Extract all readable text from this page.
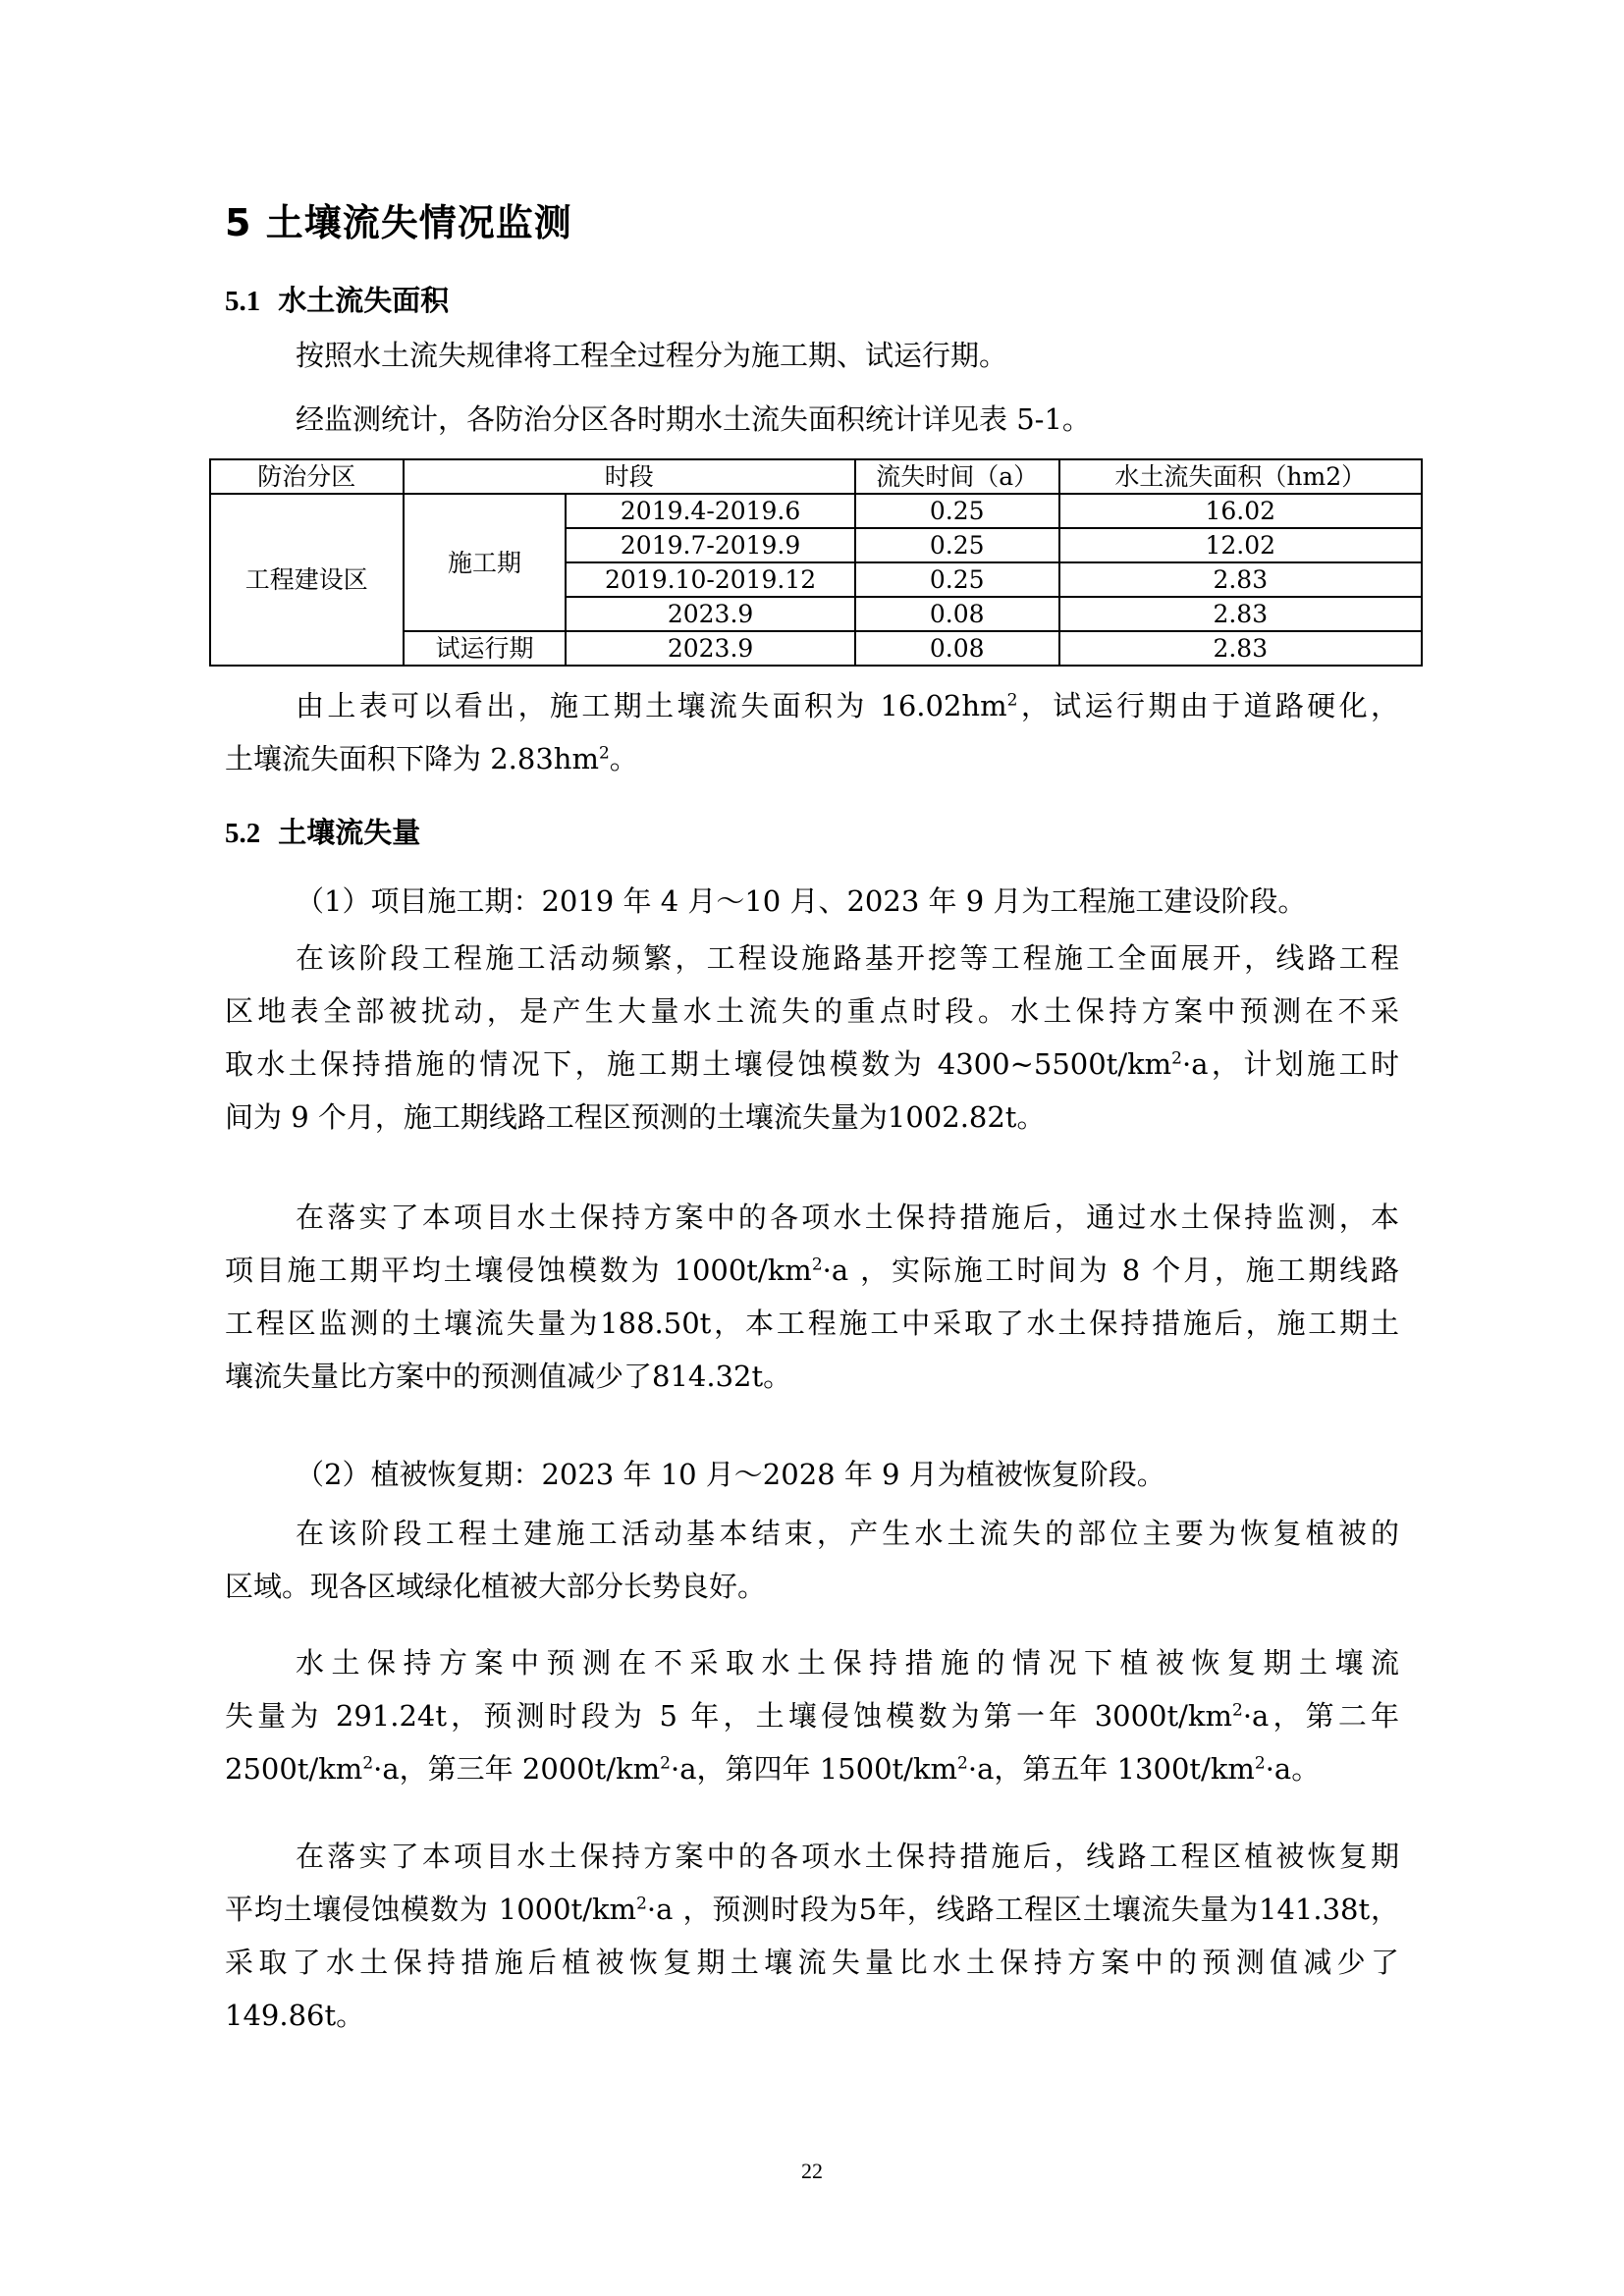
5 土壤流失情况监测
5.1 水土流失面积
按照水土流失规律将工程全过程分为施工期、试运行期。
经监测统计，各防治分区各时期水土流失面积统计详见表 5-1。
防治分区	时段		流失时间（a）	水土流失面积（hm2）
工程建设区	施工期	2019.4-2019.6	0.25	16.02
		2019.7-2019.9	0.25	12.02
		2019.10-2019.12	0.25	2.83
		2023.9	0.08	2.83
	试运行期	2023.9	0.08	2.83
由上表可以看出，施工期土壤流失面积为 $16.02hm^2$，试运行期由于道路硬化，
土壤流失面积下降为 $2.83hm^2$。
5.2 土壤流失量
（1）项目施工期：2019 年 4 月～10 月、2023 年 9 月为工程施工建设阶段。
在该阶段工程施工活动频繁，工程设施路基开挖等工程施工全面展开，线路工程
区地表全部被扰动，是产生大量水土流失的重点时段。水土保持方案中预测在不采
取水土保持措施的情况下，施工期土壤侵蚀模数为 $4300\sim 5500t/km^2\cdot a$，计划施工时
间为 9 个月，施工期线路工程区预测的土壤流失量为1002.82t。
在落实了本项目水土保持方案中的各项水土保持措施后，通过水土保持监测，本
项目施工期平均土壤侵蚀模数为 $1000t/km^2\cdot a$ ，实际施工时间为 8 个月，施工期线路
工程区监测的土壤流失量为188.50t，本工程施工中采取了水土保持措施后，施工期土
壤流失量比方案中的预测值减少了814.32t。
（2）植被恢复期：2023 年 10 月～2028 年 9 月为植被恢复阶段。
在该阶段工程土建施工活动基本结束，产生水土流失的部位主要为恢复植被的
区域。现各区域绿化植被大部分长势良好。
水土保持方案中预测在不采取水土保持措施的情况下植被恢复期土壤流
失量为 291.24t，预测时段为 5 年，土壤侵蚀模数为第一年 $3000t/km^2\cdot a$，第二年
$2500t/km^2\cdot a$，第三年 $2000t/km^2\cdot a$，第四年 $1500t/km^2\cdot a$，第五年 $1300t/km^2\cdot a$。
在落实了本项目水土保持方案中的各项水土保持措施后，线路工程区植被恢复期
平均土壤侵蚀模数为 $1000t/km^2\cdot a$ ，预测时段为5年，线路工程区土壤流失量为141.38t，
采取了水土保持措施后植被恢复期土壤流失量比水土保持方案中的预测值减少了
149.86t。
22
